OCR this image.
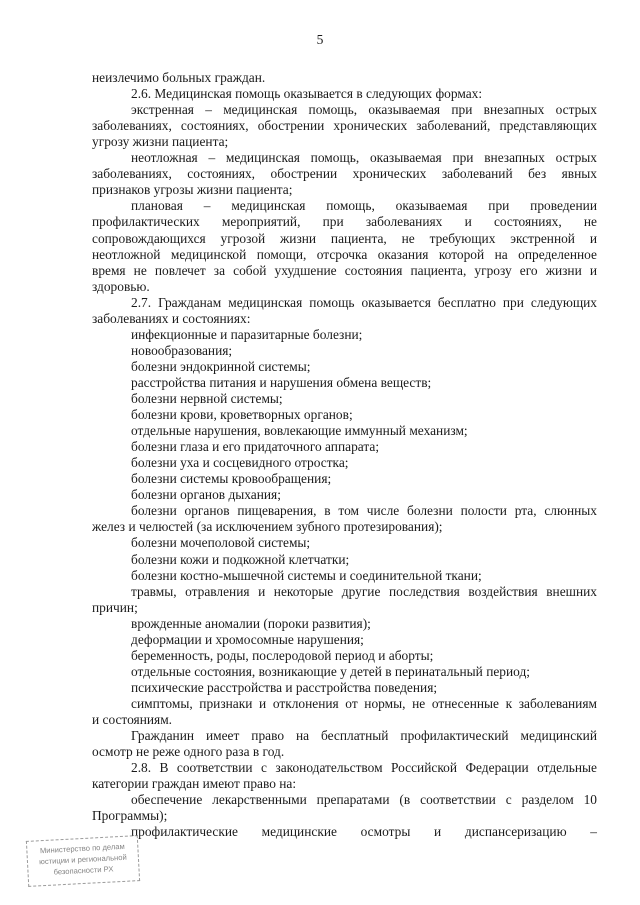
5
неизлечимо больных граждан.
2.6. Медицинская помощь оказывается в следующих формах:
экстренная – медицинская помощь, оказываемая при внезапных острых
заболеваниях, состояниях, обострении хронических заболеваний, представляющих
угрозу жизни пациента;
неотложная – медицинская помощь, оказываемая при внезапных острых
заболеваниях, состояниях, обострении хронических заболеваний без явных
признаков угрозы жизни пациента;
плановая – медицинская помощь, оказываемая при проведении
профилактических мероприятий, при заболеваниях и состояниях, не
сопровождающихся угрозой жизни пациента, не требующих экстренной и
неотложной медицинской помощи, отсрочка оказания которой на определенное
время не повлечет за собой ухудшение состояния пациента, угрозу его жизни и
здоровью.
2.7. Гражданам медицинская помощь оказывается бесплатно при следующих
заболеваниях и состояниях:
инфекционные и паразитарные болезни;
новообразования;
болезни эндокринной системы;
расстройства питания и нарушения обмена веществ;
болезни нервной системы;
болезни крови, кроветворных органов;
отдельные нарушения, вовлекающие иммунный механизм;
болезни глаза и его придаточного аппарата;
болезни уха и сосцевидного отростка;
болезни системы кровообращения;
болезни органов дыхания;
болезни органов пищеварения, в том числе болезни полости рта, слюнных
желез и челюстей (за исключением зубного протезирования);
болезни мочеполовой системы;
болезни кожи и подкожной клетчатки;
болезни костно-мышечной системы и соединительной ткани;
травмы, отравления и некоторые другие последствия воздействия внешних
причин;
врожденные аномалии (пороки развития);
деформации и хромосомные нарушения;
беременность, роды, послеродовой период и аборты;
отдельные состояния, возникающие у детей в перинатальный период;
психические расстройства и расстройства поведения;
симптомы, признаки и отклонения от нормы, не отнесенные к заболеваниям
и состояниям.
Гражданин имеет право на бесплатный профилактический медицинский
осмотр не реже одного раза в год.
2.8. В соответствии с законодательством Российской Федерации отдельные
категории граждан имеют право на:
обеспечение лекарственными препаратами (в соответствии с разделом 10
Программы);
профилактические медицинские осмотры и диспансеризацию –
Министерство по делам
юстиции и региональной
безопасности РХ
